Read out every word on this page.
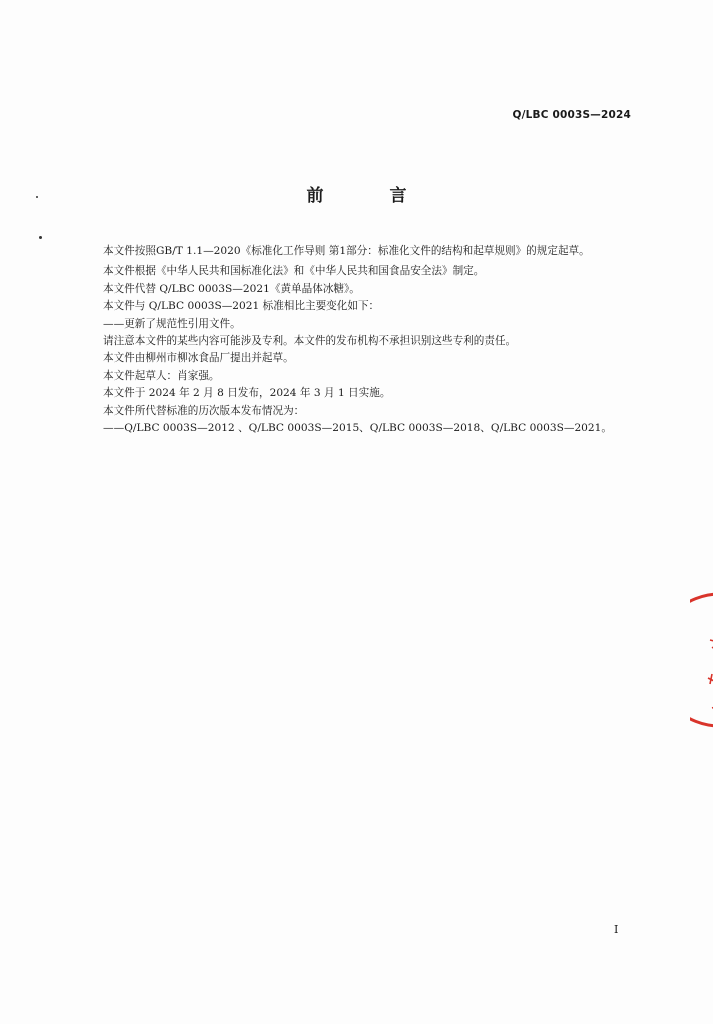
Q/LBC 0003S—2024
前 言

本文件按照GB/T 1.1—2020《标准化工作导则 第1部分：标准化文件的结构和起草规则》的规定起草。

本文件根据《中华人民共和国标准化法》和《中华人民共和国食品安全法》制定。

本文件代替 Q/LBC 0003S—2021《黄单晶体冰糖》。

本文件与 Q/LBC 0003S—2021 标准相比主要变化如下：

——更新了规范性引用文件。

请注意本文件的某些内容可能涉及专利。本文件的发布机构不承担识别这些专利的责任。

本文件由柳州市柳冰食品厂提出并起草。

本文件起草人：肖家强。

本文件于 2024 年 2 月 8 日发布，2024 年 3 月 1 日实施。

本文件所代替标准的历次版本发布情况为：

——Q/LBC 0003S—2012 、Q/LBC 0003S—2015、Q/LBC 0003S—2018、Q/LBC 0003S—2021。

I
